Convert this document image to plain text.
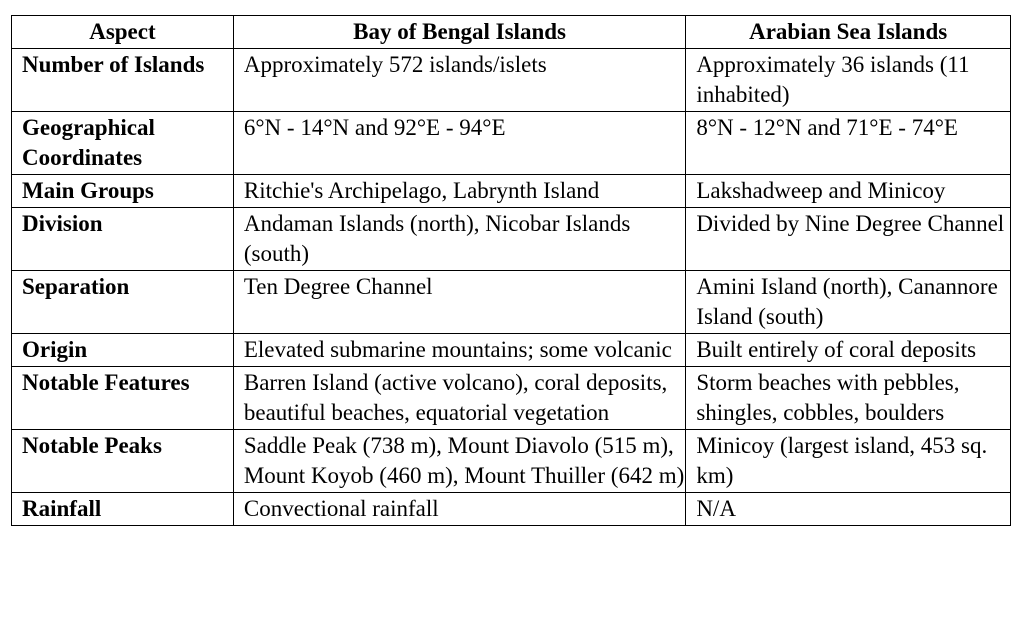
Aspect	Bay of Bengal Islands	Arabian Sea Islands
Number of Islands	Approximately 572 islands/islets	Approximately 36 islands (11 inhabited)
Geographical Coordinates	6°N - 14°N and 92°E - 94°E	8°N - 12°N and 71°E - 74°E
Main Groups	Ritchie's Archipelago, Labrynth Island	Lakshadweep and Minicoy
Division	Andaman Islands (north), Nicobar Islands (south)	Divided by Nine Degree Channel
Separation	Ten Degree Channel	Amini Island (north), Canannore Island (south)
Origin	Elevated submarine mountains; some volcanic	Built entirely of coral deposits
Notable Features	Barren Island (active volcano), coral deposits, beautiful beaches, equatorial vegetation	Storm beaches with pebbles, shingles, cobbles, boulders
Notable Peaks	Saddle Peak (738 m), Mount Diavolo (515 m), Mount Koyob (460 m), Mount Thuiller (642 m)	Minicoy (largest island, 453 sq. km)
Rainfall	Convectional rainfall	N/A
